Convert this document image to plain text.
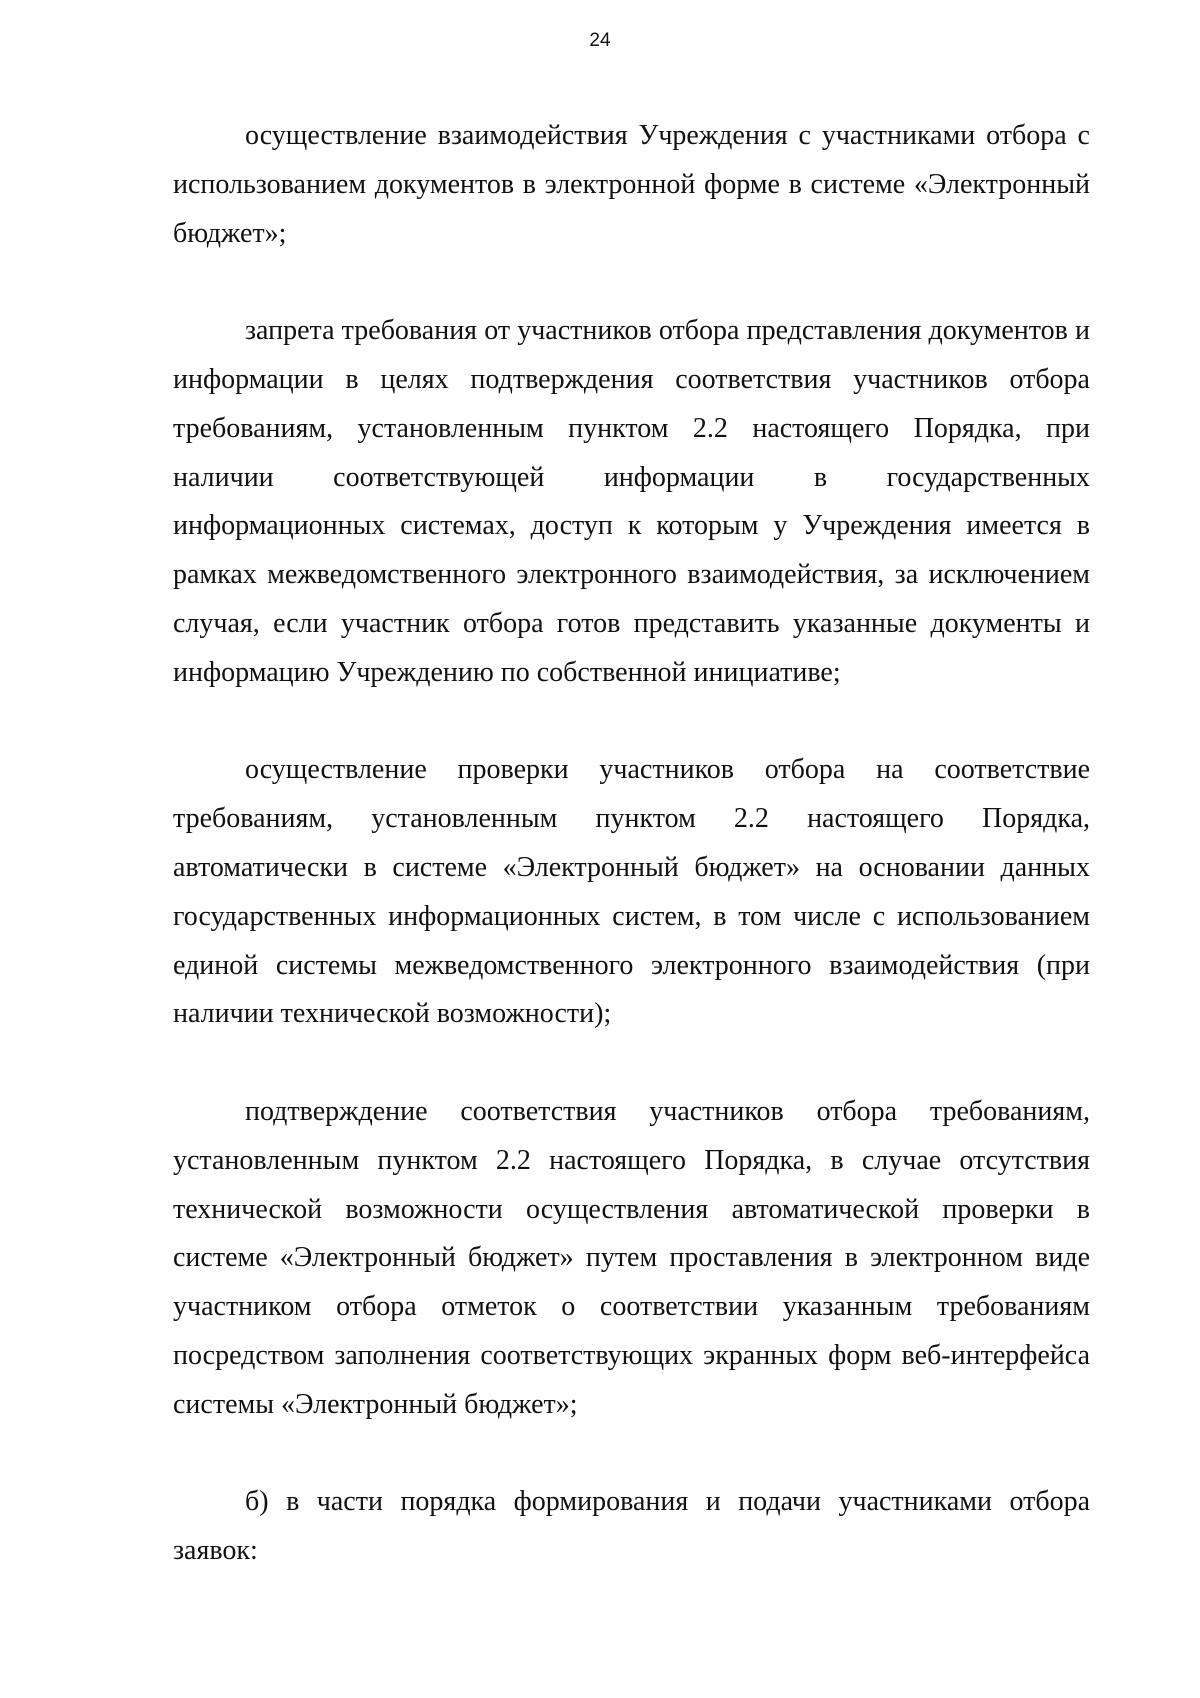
24

осуществление взаимодействия Учреждения с участниками отбора с использованием документов в электронной форме в системе «Электронный бюджет»;

запрета требования от участников отбора представления документов и информации в целях подтверждения соответствия участников отбора требованиям, установленным пунктом 2.2 настоящего Порядка, при наличии соответствующей информации в государственных информационных системах, доступ к которым у Учреждения имеется в рамках межведомственного электронного взаимодействия, за исключением случая, если участник отбора готов представить указанные документы и информацию Учреждению по собственной инициативе;

осуществление проверки участников отбора на соответствие требованиям, установленным пунктом 2.2 настоящего Порядка, автоматически в системе «Электронный бюджет» на основании данных государственных информационных систем, в том числе с использованием единой системы межведомственного электронного взаимодействия (при наличии технической возможности);

подтверждение соответствия участников отбора требованиям, установленным пунктом 2.2 настоящего Порядка, в случае отсутствия технической возможности осуществления автоматической проверки в системе «Электронный бюджет» путем проставления в электронном виде участником отбора отметок о соответствии указанным требованиям посредством заполнения соответствующих экранных форм веб-интерфейса системы «Электронный бюджет»;

б) в части порядка формирования и подачи участниками отбора заявок:
